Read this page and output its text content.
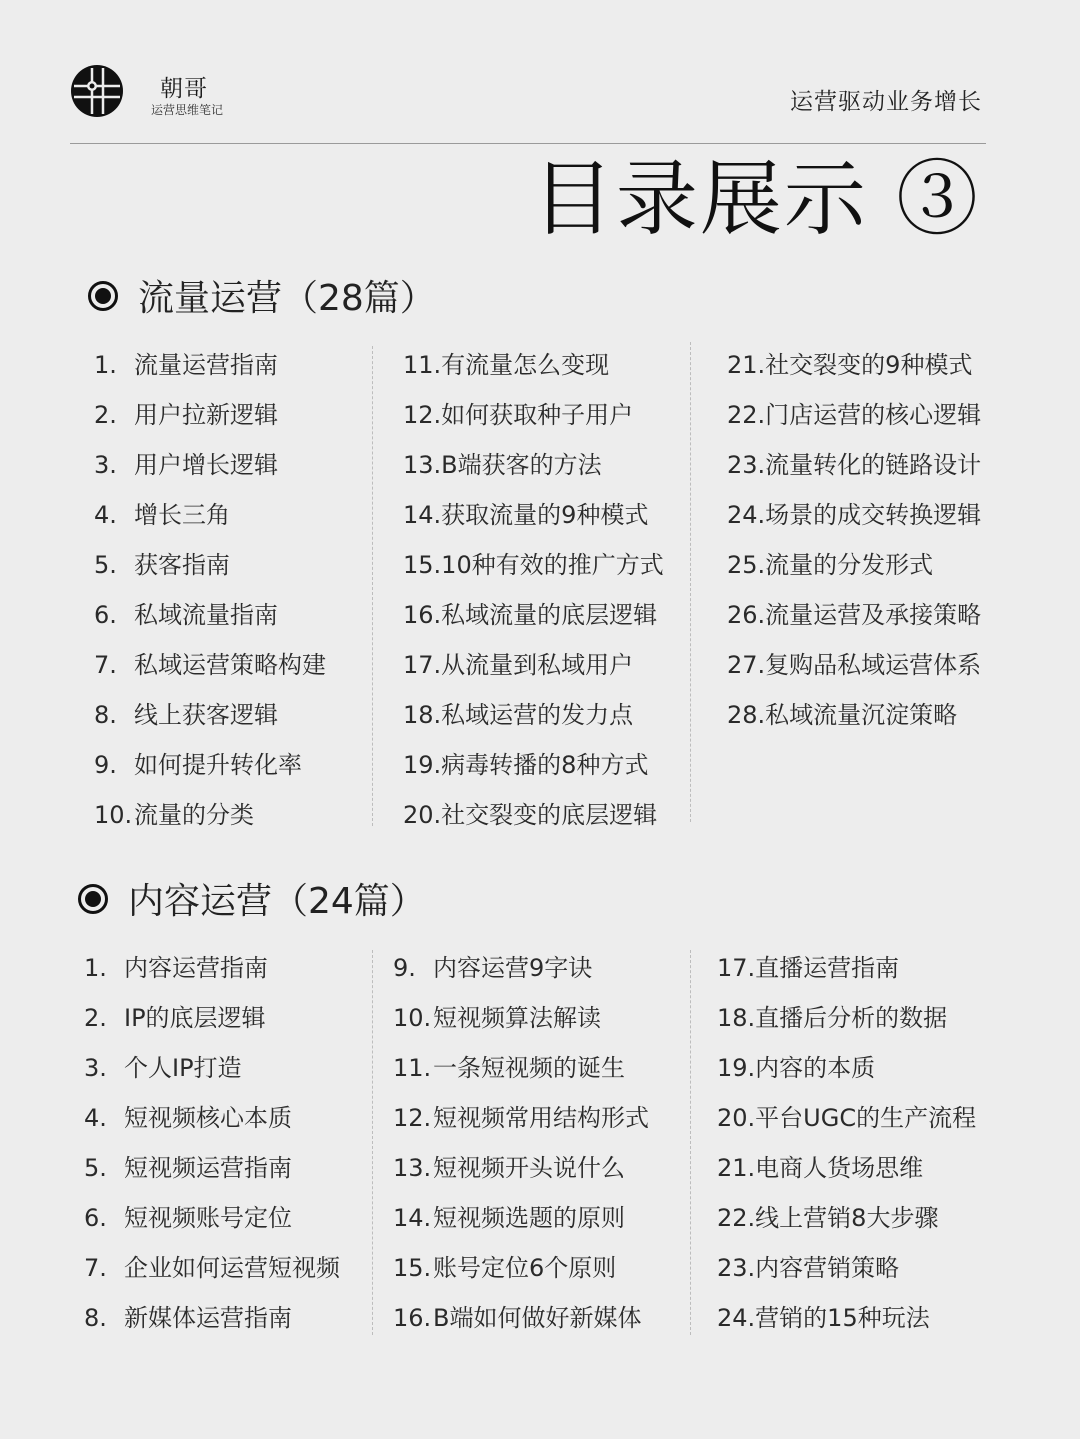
朝哥
运营思维笔记	运营驱动业务增长
目录展示 ③
流量运营（28篇）
1. 流量运营指南
2. 用户拉新逻辑
3. 用户增长逻辑
4. 增长三角
5. 获客指南
6. 私域流量指南
7. 私域运营策略构建
8. 线上获客逻辑
9. 如何提升转化率
10. 流量的分类
11. 有流量怎么变现
12. 如何获取种子用户
13. B端获客的方法
14. 获取流量的9种模式
15. 10种有效的推广方式
16. 私域流量的底层逻辑
17. 从流量到私域用户
18. 私域运营的发力点
19. 病毒转播的8种方式
20. 社交裂变的底层逻辑
21. 社交裂变的9种模式
22. 门店运营的核心逻辑
23. 流量转化的链路设计
24. 场景的成交转换逻辑
25. 流量的分发形式
26. 流量运营及承接策略
27. 复购品私域运营体系
28. 私域流量沉淀策略
内容运营（24篇）
1. 内容运营指南
2. IP的底层逻辑
3. 个人IP打造
4. 短视频核心本质
5. 短视频运营指南
6. 短视频账号定位
7. 企业如何运营短视频
8. 新媒体运营指南
9. 内容运营9字诀
10. 短视频算法解读
11. 一条短视频的诞生
12. 短视频常用结构形式
13. 短视频开头说什么
14. 短视频选题的原则
15. 账号定位6个原则
16. B端如何做好新媒体
17. 直播运营指南
18. 直播后分析的数据
19. 内容的本质
20. 平台UGC的生产流程
21. 电商人货场思维
22. 线上营销8大步骤
23. 内容营销策略
24. 营销的15种玩法
